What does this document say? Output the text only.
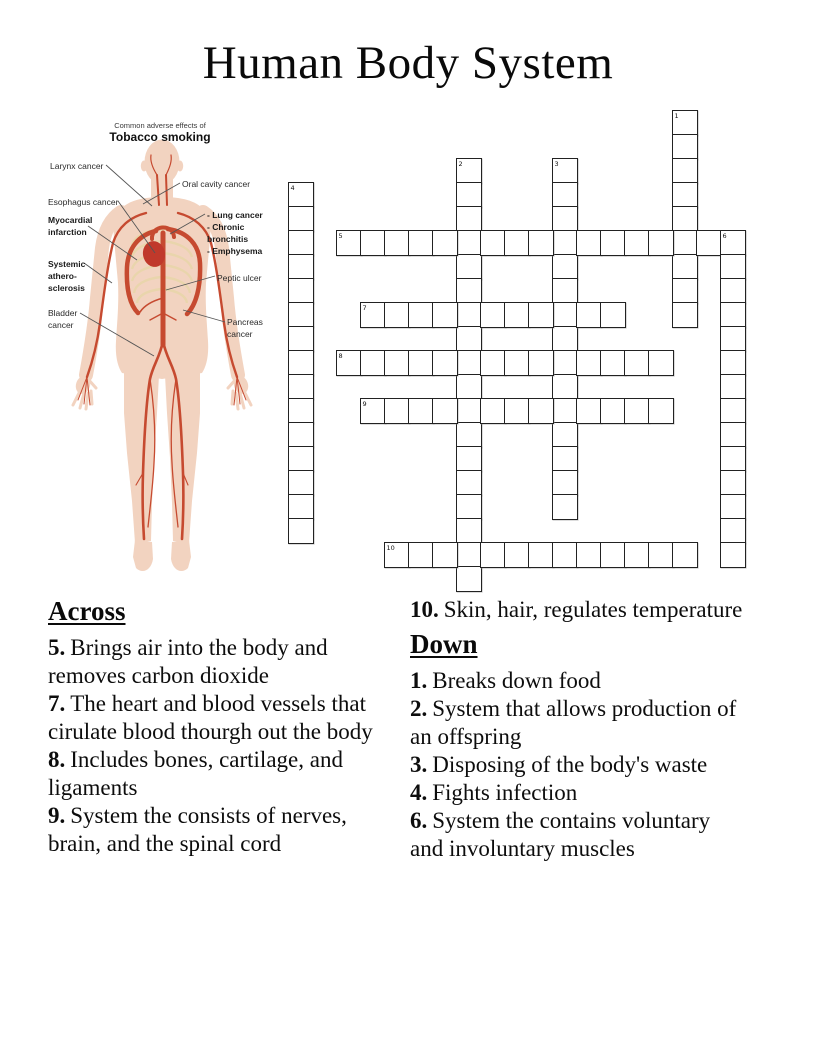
Human Body System
Common adverse effects of
Tobacco smoking
Larynx cancer
Oral cavity cancer
Esophagus cancer
Myocardial
infarction
- Lung cancer
- Chronic
bronchitis
- Emphysema
Systemic
athero-
sclerosis
Peptic ulcer
Bladder
cancer	Pancreas
cancer
1
2	3
4
5	6
7
8
9
10
Across
5. Brings air into the body and removes carbon dioxide
7. The heart and blood vessels that cirulate blood thourgh out the body
8. Includes bones, cartilage, and ligaments
9. System the consists of nerves, brain, and the spinal cord
10. Skin, hair, regulates temperature
Down
1. Breaks down food
2. System that allows production of an offspring
3. Disposing of the body's waste
4. Fights infection
6. System the contains voluntary and involuntary muscles
